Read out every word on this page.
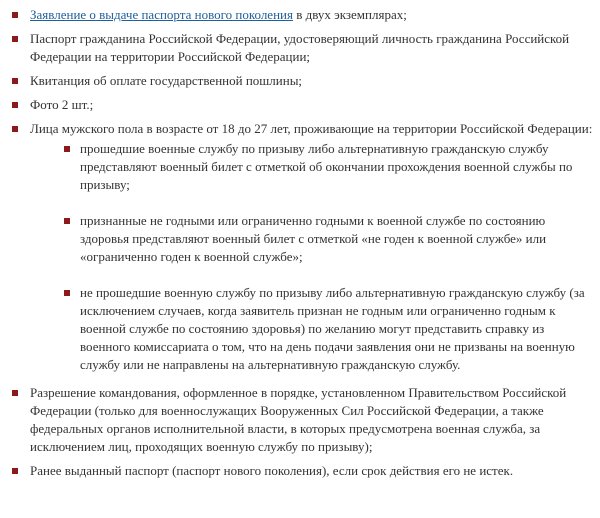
Заявление о выдаче паспорта нового поколения в двух экземплярах;
Паспорт гражданина Российской Федерации, удостоверяющий личность гражданина Российской Федерации на территории Российской Федерации;
Квитанция об оплате государственной пошлины;
Фото 2 шт.;
Лица мужского пола в возрасте от 18 до 27 лет, проживающие на территории Российской Федерации:
прошедшие военные службу по призыву либо альтернативную гражданскую службу представляют военный билет с отметкой об окончании прохождения военной службы по призыву;
признанные не годными или ограниченно годными к военной службе по состоянию здоровья представляют военный билет с отметкой «не годен к военной службе» или «ограниченно годен к военной службе»;
не прошедшие военную службу по призыву либо альтернативную гражданскую службу (за исключением случаев, когда заявитель признан не годным или ограниченно годным к военной службе по состоянию здоровья) по желанию могут представить справку из военного комиссариата о том, что на день подачи заявления они не призваны на военную службу или не направлены на альтернативную гражданскую службу.
Разрешение командования, оформленное в порядке, установленном Правительством Российской Федерации (только для военнослужащих Вооруженных Сил Российской Федерации, а также федеральных органов исполнительной власти, в которых предусмотрена военная служба, за исключением лиц, проходящих военную службу по призыву);
Ранее выданный паспорт (паспорт нового поколения), если срок действия его не истек.
